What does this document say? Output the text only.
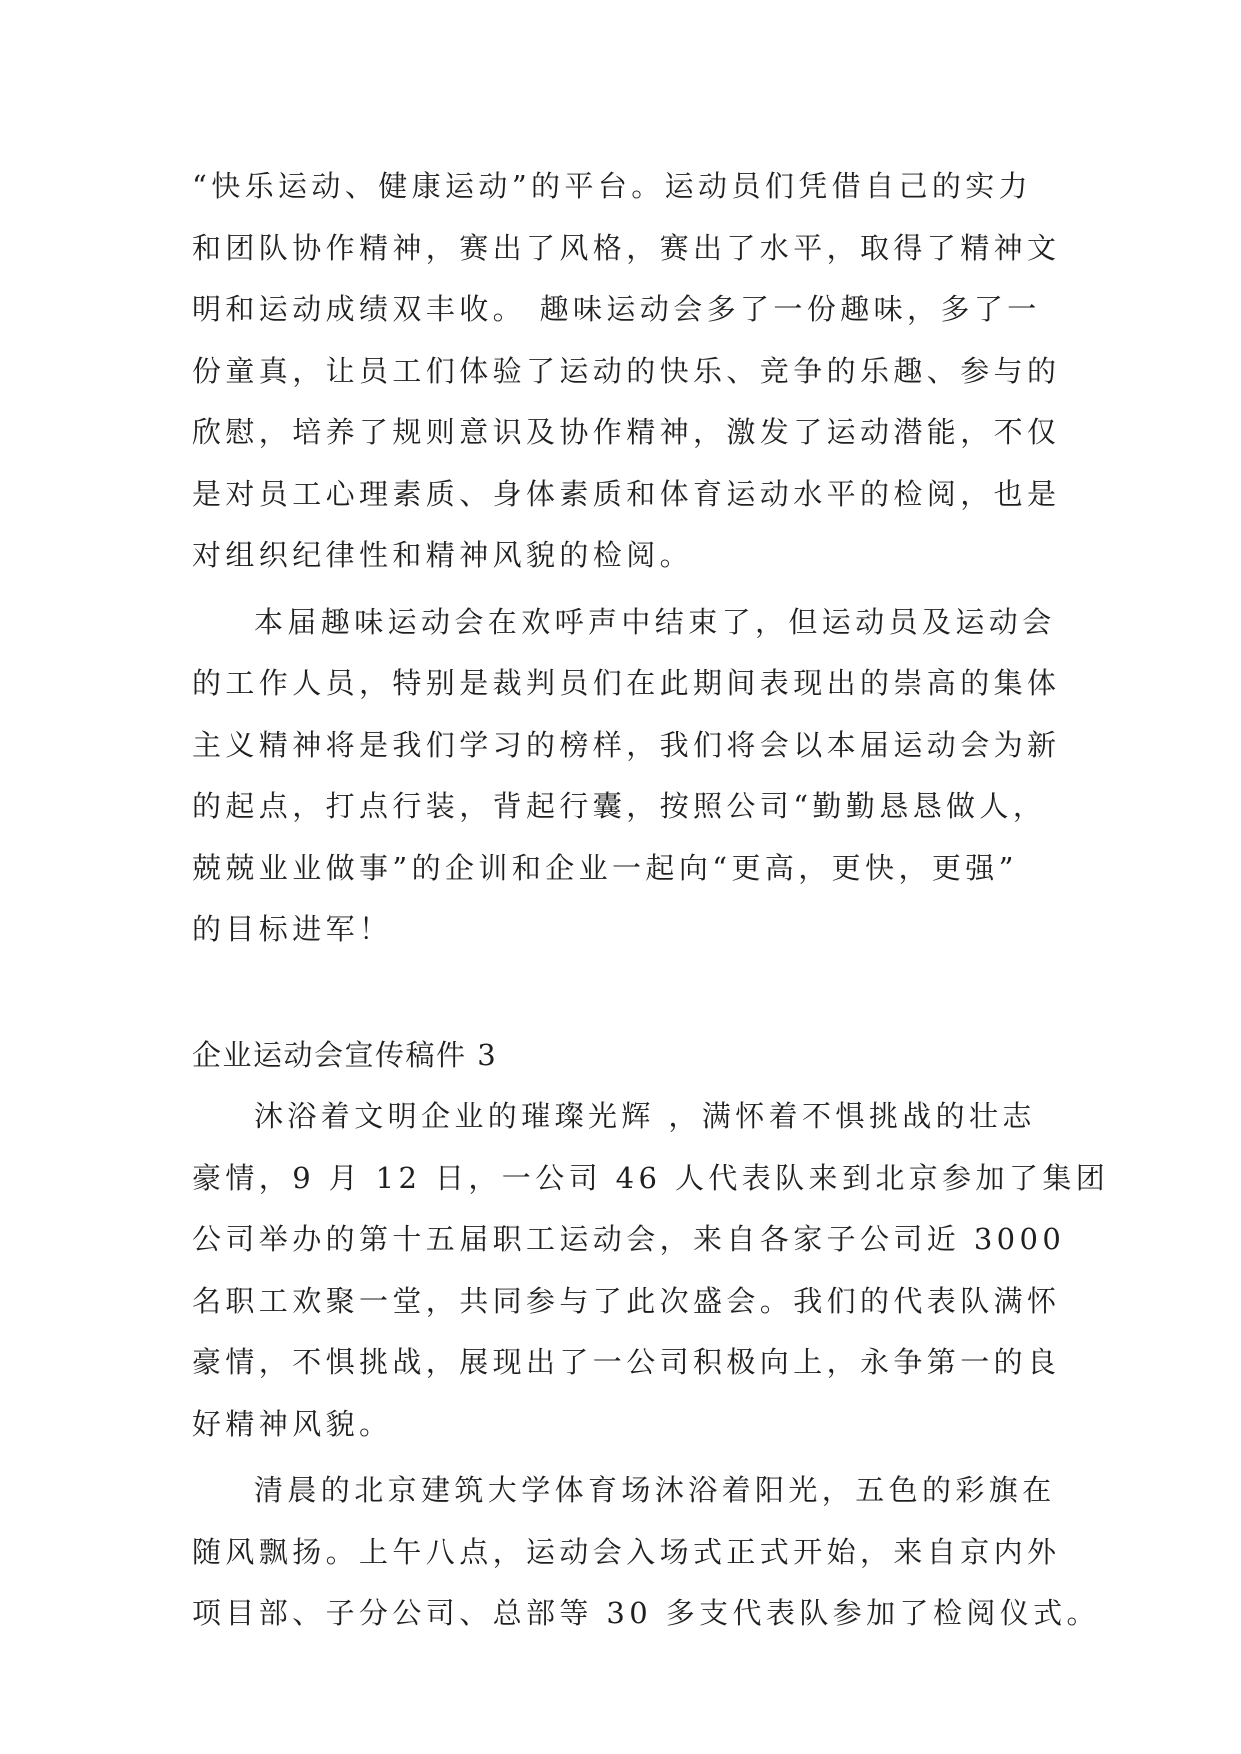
“快乐运动、健康运动”的平台。运动员们凭借自己的实力
和团队协作精神，赛出了风格，赛出了水平，取得了精神文
明和运动成绩双丰收。 趣味运动会多了一份趣味，多了一
份童真，让员工们体验了运动的快乐、竞争的乐趣、参与的
欣慰，培养了规则意识及协作精神，激发了运动潜能，不仅
是对员工心理素质、身体素质和体育运动水平的检阅，也是
对组织纪律性和精神风貌的检阅。
本届趣味运动会在欢呼声中结束了，但运动员及运动会
的工作人员，特别是裁判员们在此期间表现出的崇高的集体
主义精神将是我们学习的榜样，我们将会以本届运动会为新
的起点，打点行装，背起行囊，按照公司“勤勤恳恳做人，
兢兢业业做事”的企训和企业一起向“更高，更快，更强”
的目标进军！
企业运动会宣传稿件 3
沐浴着文明企业的璀璨光辉 ，满怀着不惧挑战的壮志
豪情，9 月 12 日，一公司 46 人代表队来到北京参加了集团
公司举办的第十五届职工运动会，来自各家子公司近 3000
名职工欢聚一堂，共同参与了此次盛会。我们的代表队满怀
豪情，不惧挑战，展现出了一公司积极向上，永争第一的良
好精神风貌。
清晨的北京建筑大学体育场沐浴着阳光，五色的彩旗在
随风飘扬。上午八点，运动会入场式正式开始，来自京内外
项目部、子分公司、总部等 30 多支代表队参加了检阅仪式。
